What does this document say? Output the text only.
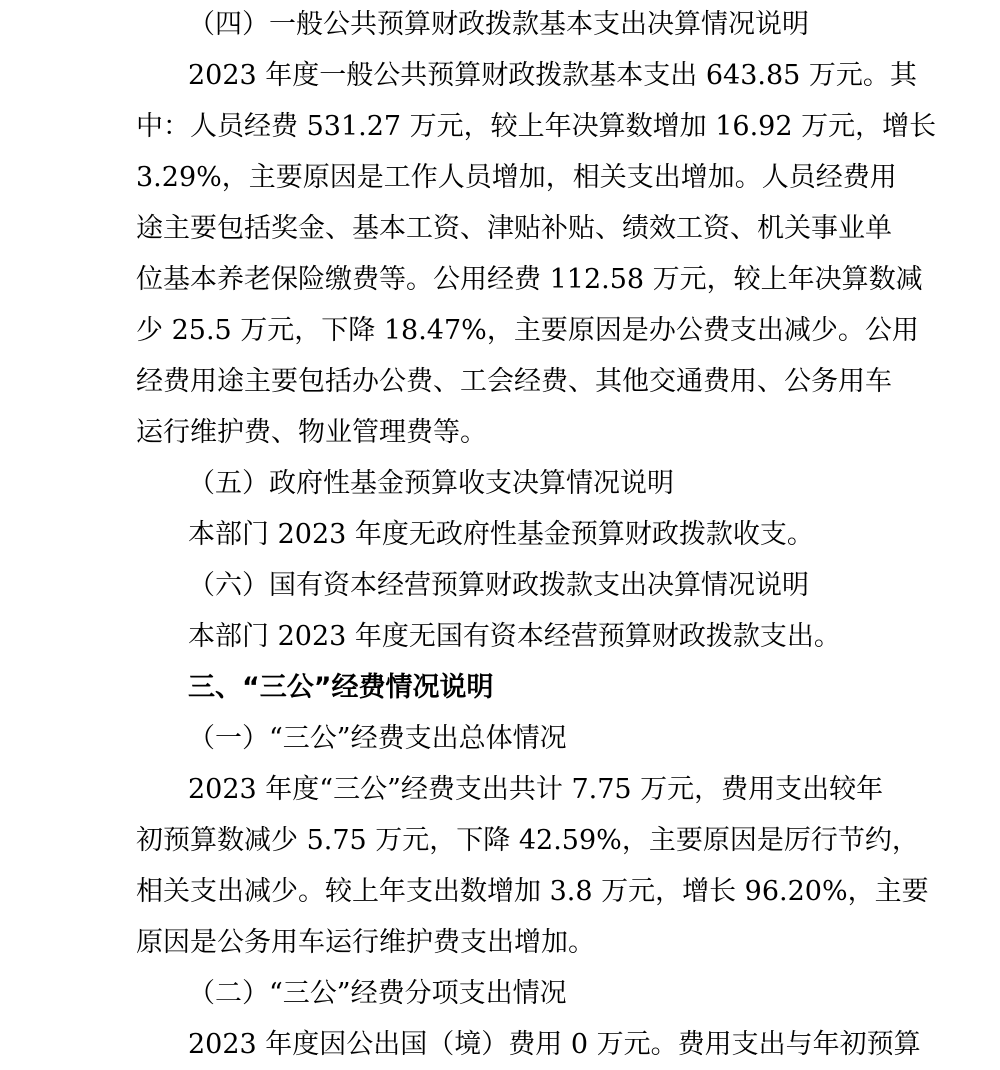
（四）一般公共预算财政拨款基本支出决算情况说明
2023 年度一般公共预算财政拨款基本支出 643.85 万元。其
中：人员经费 531.27 万元，较上年决算数增加 16.92 万元，增长
3.29%，主要原因是工作人员增加，相关支出增加。人员经费用
途主要包括奖金、基本工资、津贴补贴、绩效工资、机关事业单
位基本养老保险缴费等。公用经费 112.58 万元，较上年决算数减
少 25.5 万元，下降 18.47%，主要原因是办公费支出减少。公用
经费用途主要包括办公费、工会经费、其他交通费用、公务用车
运行维护费、物业管理费等。
（五）政府性基金预算收支决算情况说明
本部门 2023 年度无政府性基金预算财政拨款收支。
（六）国有资本经营预算财政拨款支出决算情况说明
本部门 2023 年度无国有资本经营预算财政拨款支出。
三、“三公”经费情况说明
（一）“三公”经费支出总体情况
2023 年度“三公”经费支出共计 7.75 万元，费用支出较年
初预算数减少 5.75 万元，下降 42.59%，主要原因是厉行节约，
相关支出减少。较上年支出数增加 3.8 万元，增长 96.20%，主要
原因是公务用车运行维护费支出增加。
（二）“三公”经费分项支出情况
2023 年度因公出国（境）费用 0 万元。费用支出与年初预算
